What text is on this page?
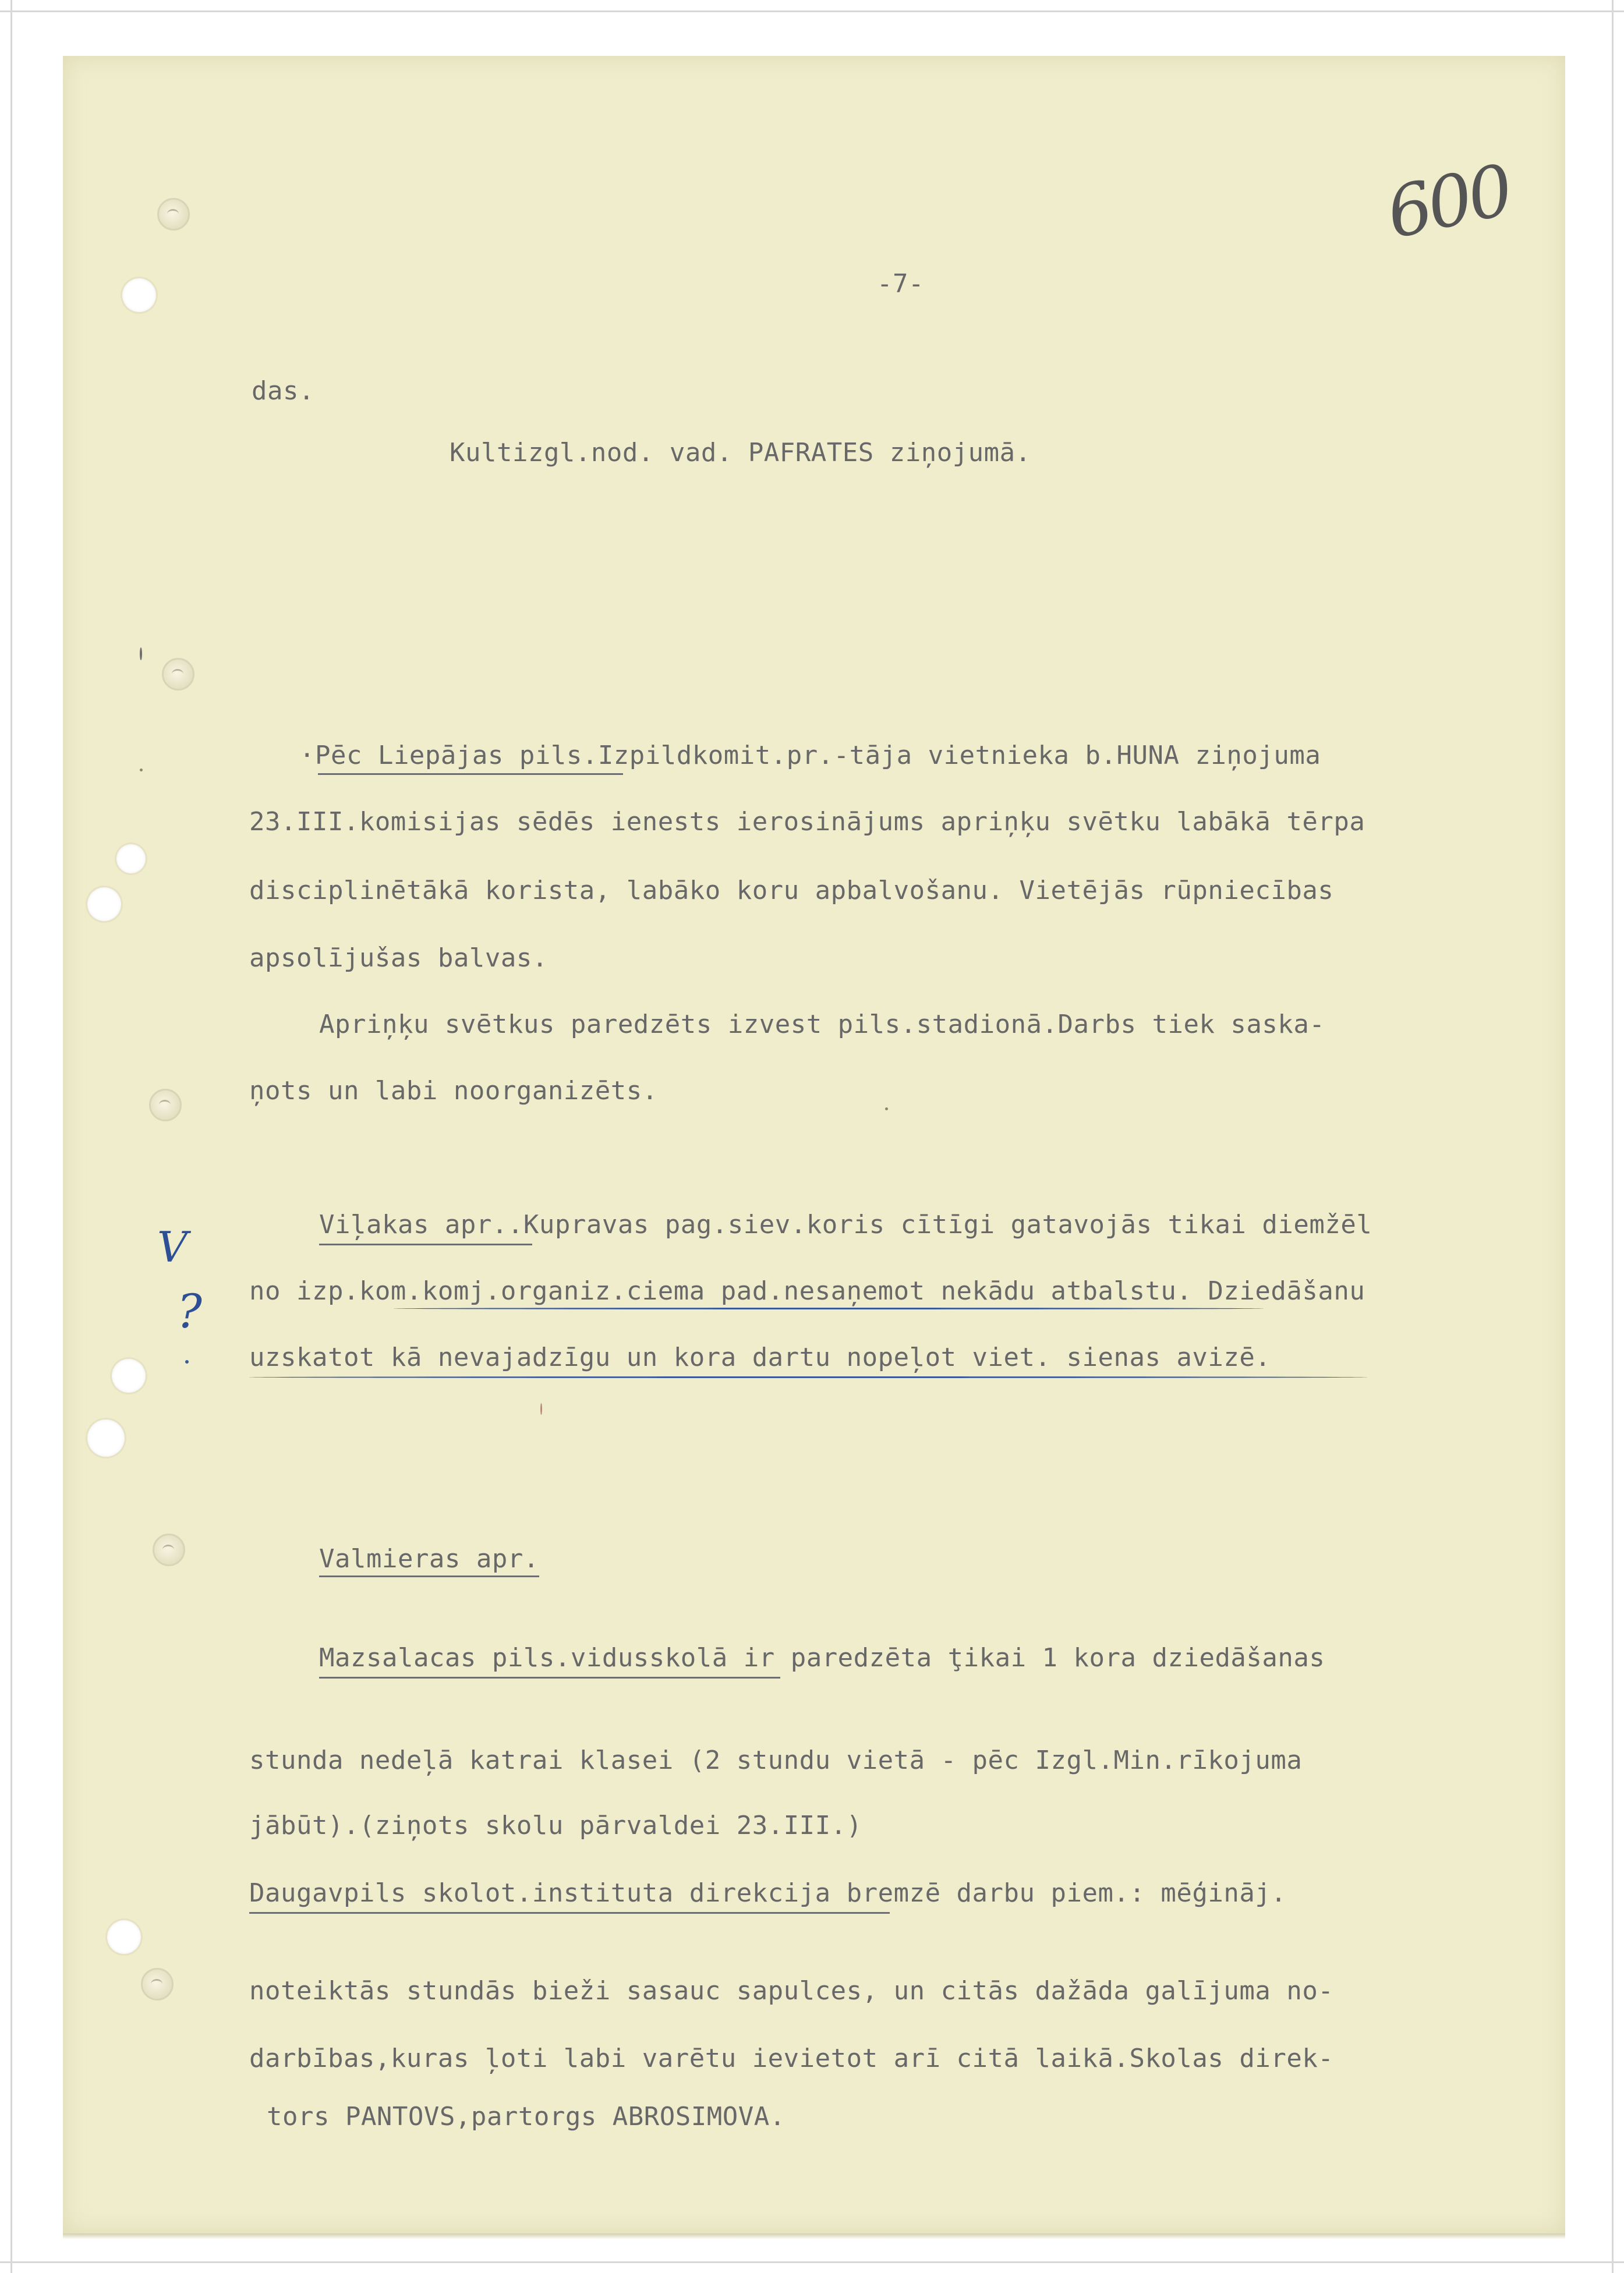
600
V
?

-7-

das.

Kultizgl.nod. vad. PAFRATES ziņojumā.

·Pēc Liepājas pils.Izpildkomit.pr.-tāja vietnieka b.HUNA ziņojuma

23.III.komisijas sēdēs ienests ierosinājums apriņķu svētku labākā tērpa

disciplinētākā korista, labāko koru apbalvošanu. Vietējās rūpniecības

apsolījušas balvas.

Apriņķu svētkus paredzēts izvest pils.stadionā.Darbs tiek saska-

ņots un labi noorganizēts.

Viļakas apr..Kupravas pag.siev.koris cītīgi gatavojās tikai diemžēl

no izp.kom.komj.organiz.ciema pad.nesaņemot nekādu atbalstu. Dziedāšanu

uzskatot kā nevajadzīgu un kora dartu nopeļot viet. sienas avizē.

Valmieras apr.

Mazsalacas pils.vidusskolā ir paredzēta ţikai 1 kora dziedāšanas

stunda nedeļā katrai klasei (2 stundu vietā - pēc Izgl.Min.rīkojuma

jābūt).(ziņots skolu pārvaldei 23.III.)

Daugavpils skolot.instituta direkcija bremzē darbu piem.: mēģināj.

noteiktās stundās bieži sasauc sapulces, un citās dažāda galījuma no-

darbības,kuras ļoti labi varētu ievietot arī citā laikā.Skolas direk-

tors PANTOVS,partorgs ABROSIMOVA.
